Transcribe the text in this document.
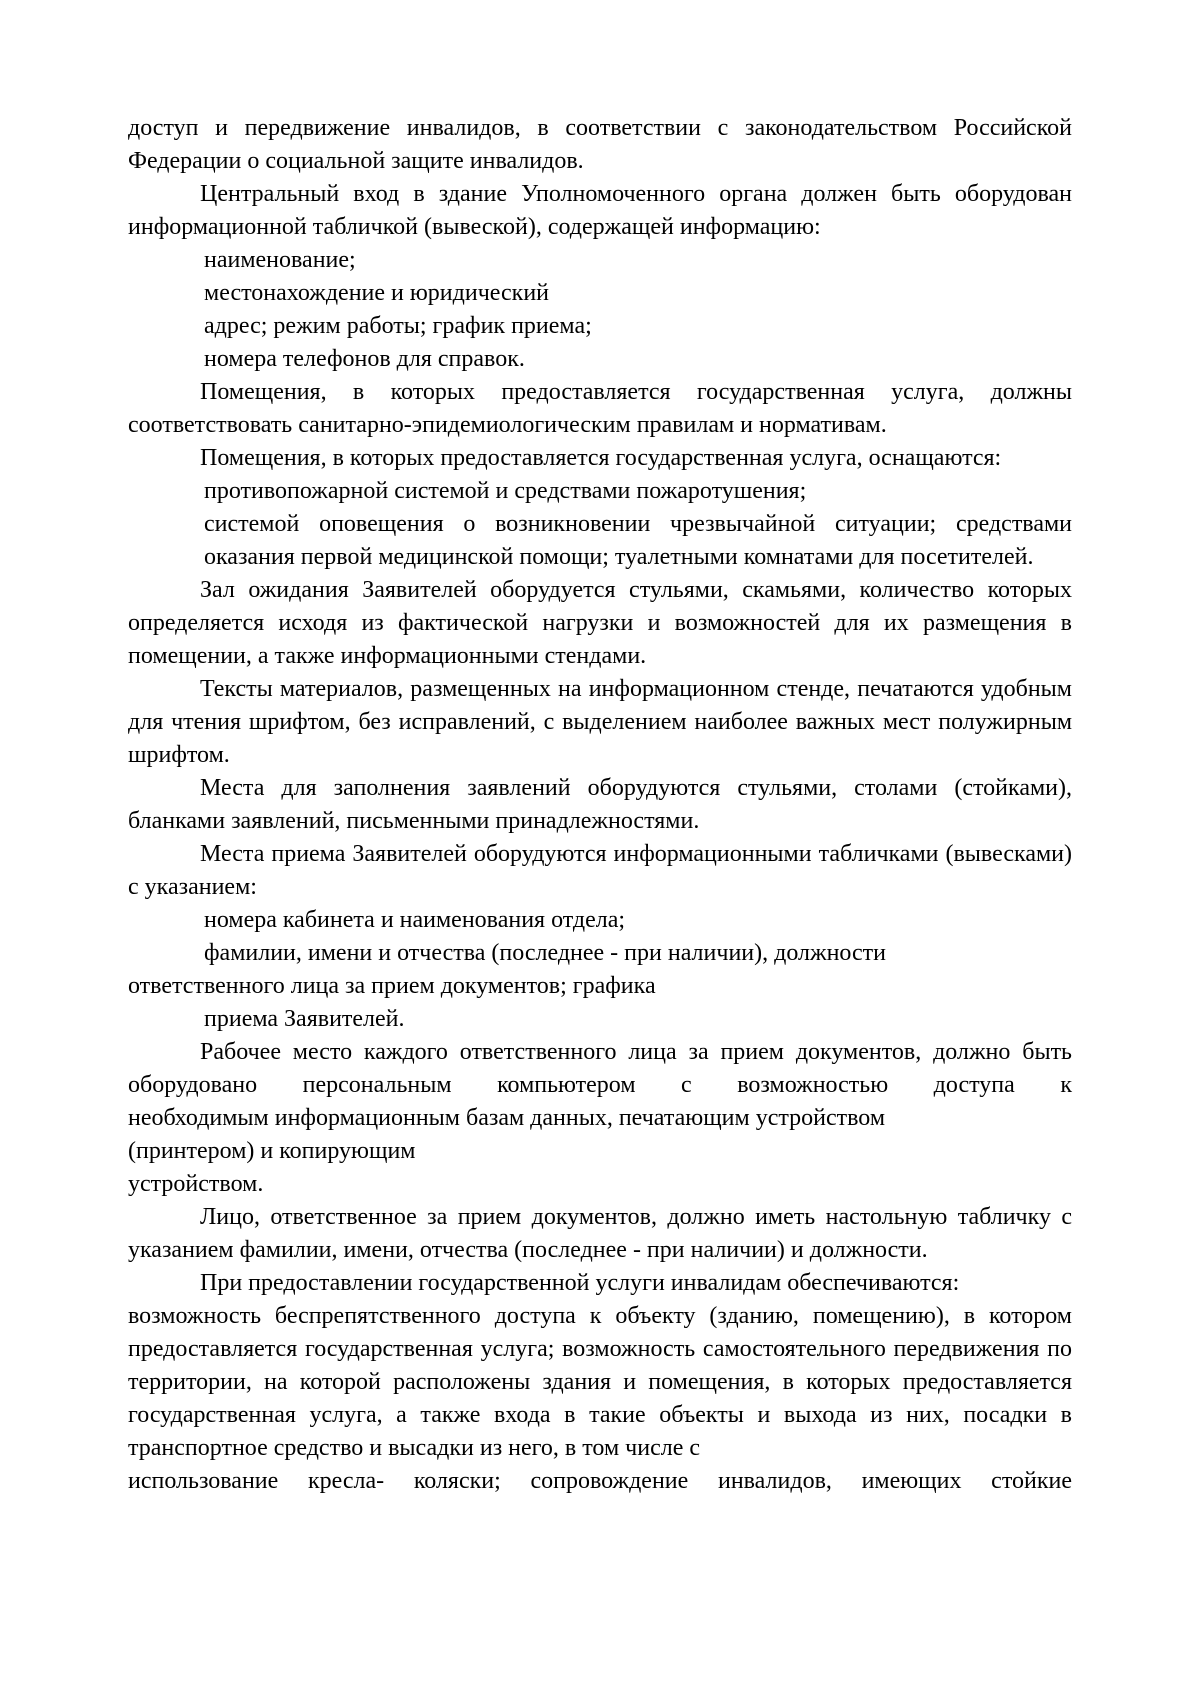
доступ и передвижение инвалидов, в соответствии с законодательством Российской Федерации о социальной защите инвалидов.

Центральный вход в здание Уполномоченного органа должен быть оборудован информационной табличкой (вывеской), содержащей информацию:

наименование;

местонахождение и юридический

адрес; режим работы; график приема;

номера телефонов для справок.

Помещения, в которых предоставляется государственная услуга, должны соответствовать санитарно-эпидемиологическим правилам и нормативам.

Помещения, в которых предоставляется государственная услуга, оснащаются:

противопожарной системой и средствами пожаротушения;

системой оповещения о возникновении чрезвычайной ситуации; средствами оказания первой медицинской помощи; туалетными комнатами для посетителей.

Зал ожидания Заявителей оборудуется стульями, скамьями, количество которых определяется исходя из фактической нагрузки и возможностей для их размещения в помещении, а также информационными стендами.

Тексты материалов, размещенных на информационном стенде, печатаются удобным для чтения шрифтом, без исправлений, с выделением наиболее важных мест полужирным шрифтом.

Места для заполнения заявлений оборудуются стульями, столами (стойками), бланками заявлений, письменными принадлежностями.

Места приема Заявителей оборудуются информационными табличками (вывесками) с указанием:

номера кабинета и наименования отдела;

фамилии, имени и отчества (последнее - при наличии), должности

ответственного лица за прием документов; графика

приема Заявителей.

Рабочее место каждого ответственного лица за прием документов, должно быть оборудовано персональным компьютером с возможностью доступа к

необходимым информационным базам данных, печатающим устройством

(принтером) и копирующим

устройством.

Лицо, ответственное за прием документов, должно иметь настольную табличку с указанием фамилии, имени, отчества (последнее - при наличии) и должности.

При предоставлении государственной услуги инвалидам обеспечиваются:

возможность беспрепятственного доступа к объекту (зданию, помещению), в котором предоставляется государственная услуга; возможность самостоятельного передвижения по территории, на которой расположены здания и помещения, в которых предоставляется государственная услуга, а также входа в такие объекты и выхода из них, посадки в транспортное средство и высадки из него, в том числе с

использование кресла- коляски; сопровождение инвалидов, имеющих стойкие
